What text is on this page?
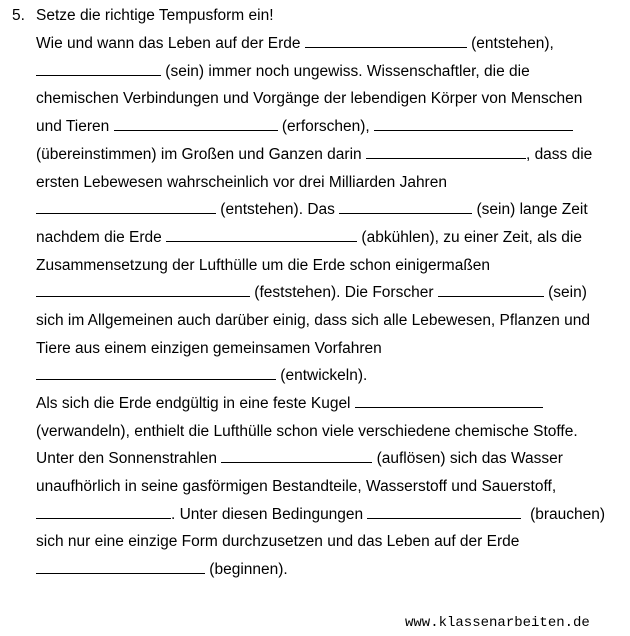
5. Setze die richtige Tempusform ein!
Wie und wann das Leben auf der Erde	(entstehen),
(sein) immer noch ungewiss. Wissenschaftler, die die
chemischen Verbindungen und Vorgänge der lebendigen Körper von Menschen
und Tieren	(erforschen),
(übereinstimmen) im Großen und Ganzen darin	, dass die
ersten Lebewesen wahrscheinlich vor drei Milliarden Jahren
(entstehen). Das	(sein) lange Zeit
nachdem die Erde	(abkühlen), zu einer Zeit, als die
Zusammensetzung der Lufthülle um die Erde schon einigermaßen
(feststehen). Die Forscher	(sein)
sich im Allgemeinen auch darüber einig, dass sich alle Lebewesen, Pflanzen und
Tiere aus einem einzigen gemeinsamen Vorfahren
(entwickeln).
Als sich die Erde endgültig in eine feste Kugel
(verwandeln), enthielt die Lufthülle schon viele verschiedene chemische Stoffe.
Unter den Sonnenstrahlen	(auflösen) sich das Wasser
unaufhörlich in seine gasförmigen Bestandteile, Wasserstoff und Sauerstoff,
. Unter diesen Bedingungen	(brauchen)
sich nur eine einzige Form durchzusetzen und das Leben auf der Erde
(beginnen).
www.klassenarbeiten.de
